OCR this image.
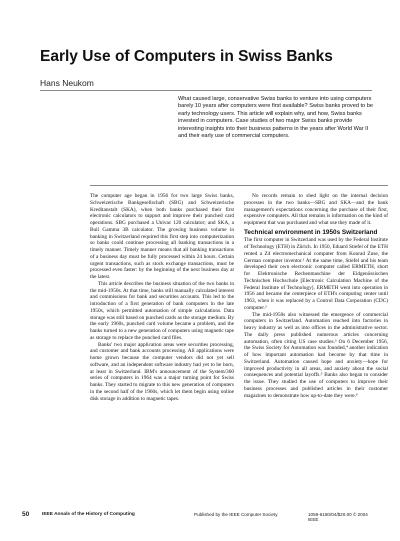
Early Use of Computers in Swiss Banks
Hans Neukom
What caused large, conservative Swiss banks to venture into using computers barely 10 years after computers were first available? Swiss banks proved to be early technology users. This article will explain why, and how, Swiss banks invested in computers. Case studies of two major Swiss banks provide interesting insights into their business patterns in the years after World War II and their early use of commercial computers.

The computer age began in 1956 for two large Swiss banks, Schweizerische Bankgesellschaft (SBG) and Schweizerische Kreditanstalt (SKA), when both banks purchased their first electronic calculators to support and improve their punched card operations. SBG purchased a Univac 120 calculator; and SKA, a Bull Gamma 3B calculator. The growing business volume in banking in Switzerland required this first step into computerization so banks could continue processing all banking transactions in a timely manner. Timely manner means that all banking transactions of a business day must be fully processed within 24 hours. Certain urgent transactions, such as stock exchange transactions, must be processed even faster: by the beginning of the next business day at the latest.

This article describes the business situation of the two banks in the mid-1950s. At that time, banks still manually calculated interest and commissions for bank and securities accounts. This led to the introduction of a first generation of bank computers in the late 1950s, which permitted automation of simple calculations. Data storage was still based on punched cards as the storage medium. By the early 1960s, punched card volume became a problem, and the banks turned to a new generation of computers using magnetic tape as storage to replace the punched card files.

Banks' two major application areas were securities processing, and customer and bank accounts processing. All applications were home grown because the computer vendors did not yet sell software, and an independent software industry had yet to be born, at least in Switzerland. IBM's announcement of the System/360 series of computers in 1964 was a major turning point for Swiss banks. They started to migrate to this new generation of computers in the second half of the 1960s, which let them begin using online disk storage in addition to magnetic tapes.

No records remain to shed light on the internal decision processes in the two banks—SBG and SKA—and the bank management's expectations concerning the purchase of their first, expensive computers. All that remains is information on the kind of equipment that was purchased and what use they made of it.

Technical environment in 1950s Switzerland

The first computer in Switzerland was used by the Federal Institute of Technology (ETH) in Zürich. In 1950, Eduard Stiefel of the ETH rented a Z4 electromechanical computer from Konrad Zuse, the German computer inventor.¹ At the same time, Stiefel and his team developed their own electronic computer called ERMETH, short for Elektronische Rechenmaschine der Eidgenössischen Technischen Hochschule [Electronic Calculation Machine of the Federal Institute of Technology]. ERMETH went into operation in 1956 and became the centerpiece of ETH's computing center until 1963, when it was replaced by a Control Data Corporation (CDC) computer.²

The mid-1950s also witnessed the emergence of commercial computers in Switzerland. Automation reached into factories in heavy industry as well as into offices in the administrative sector. The daily press published numerous articles concerning automation, often citing US case studies.³ On 6 December 1956, the Swiss Society for Automation was founded,⁴ another indication of how important automation had become by that time in Switzerland. Automation caused hope and anxiety—hope for improved productivity in all areas, and anxiety about the social consequences and potential layoffs.⁵ Banks also began to consider the issue. They studied the use of computers to improve their business processes and published articles in their customer magazines to demonstrate how up-to-date they were.⁶

50	IEEE Annals of the History of Computing	Published by the IEEE Computer Society	1058-6180/04/$20.00 © 2004 IEEE
